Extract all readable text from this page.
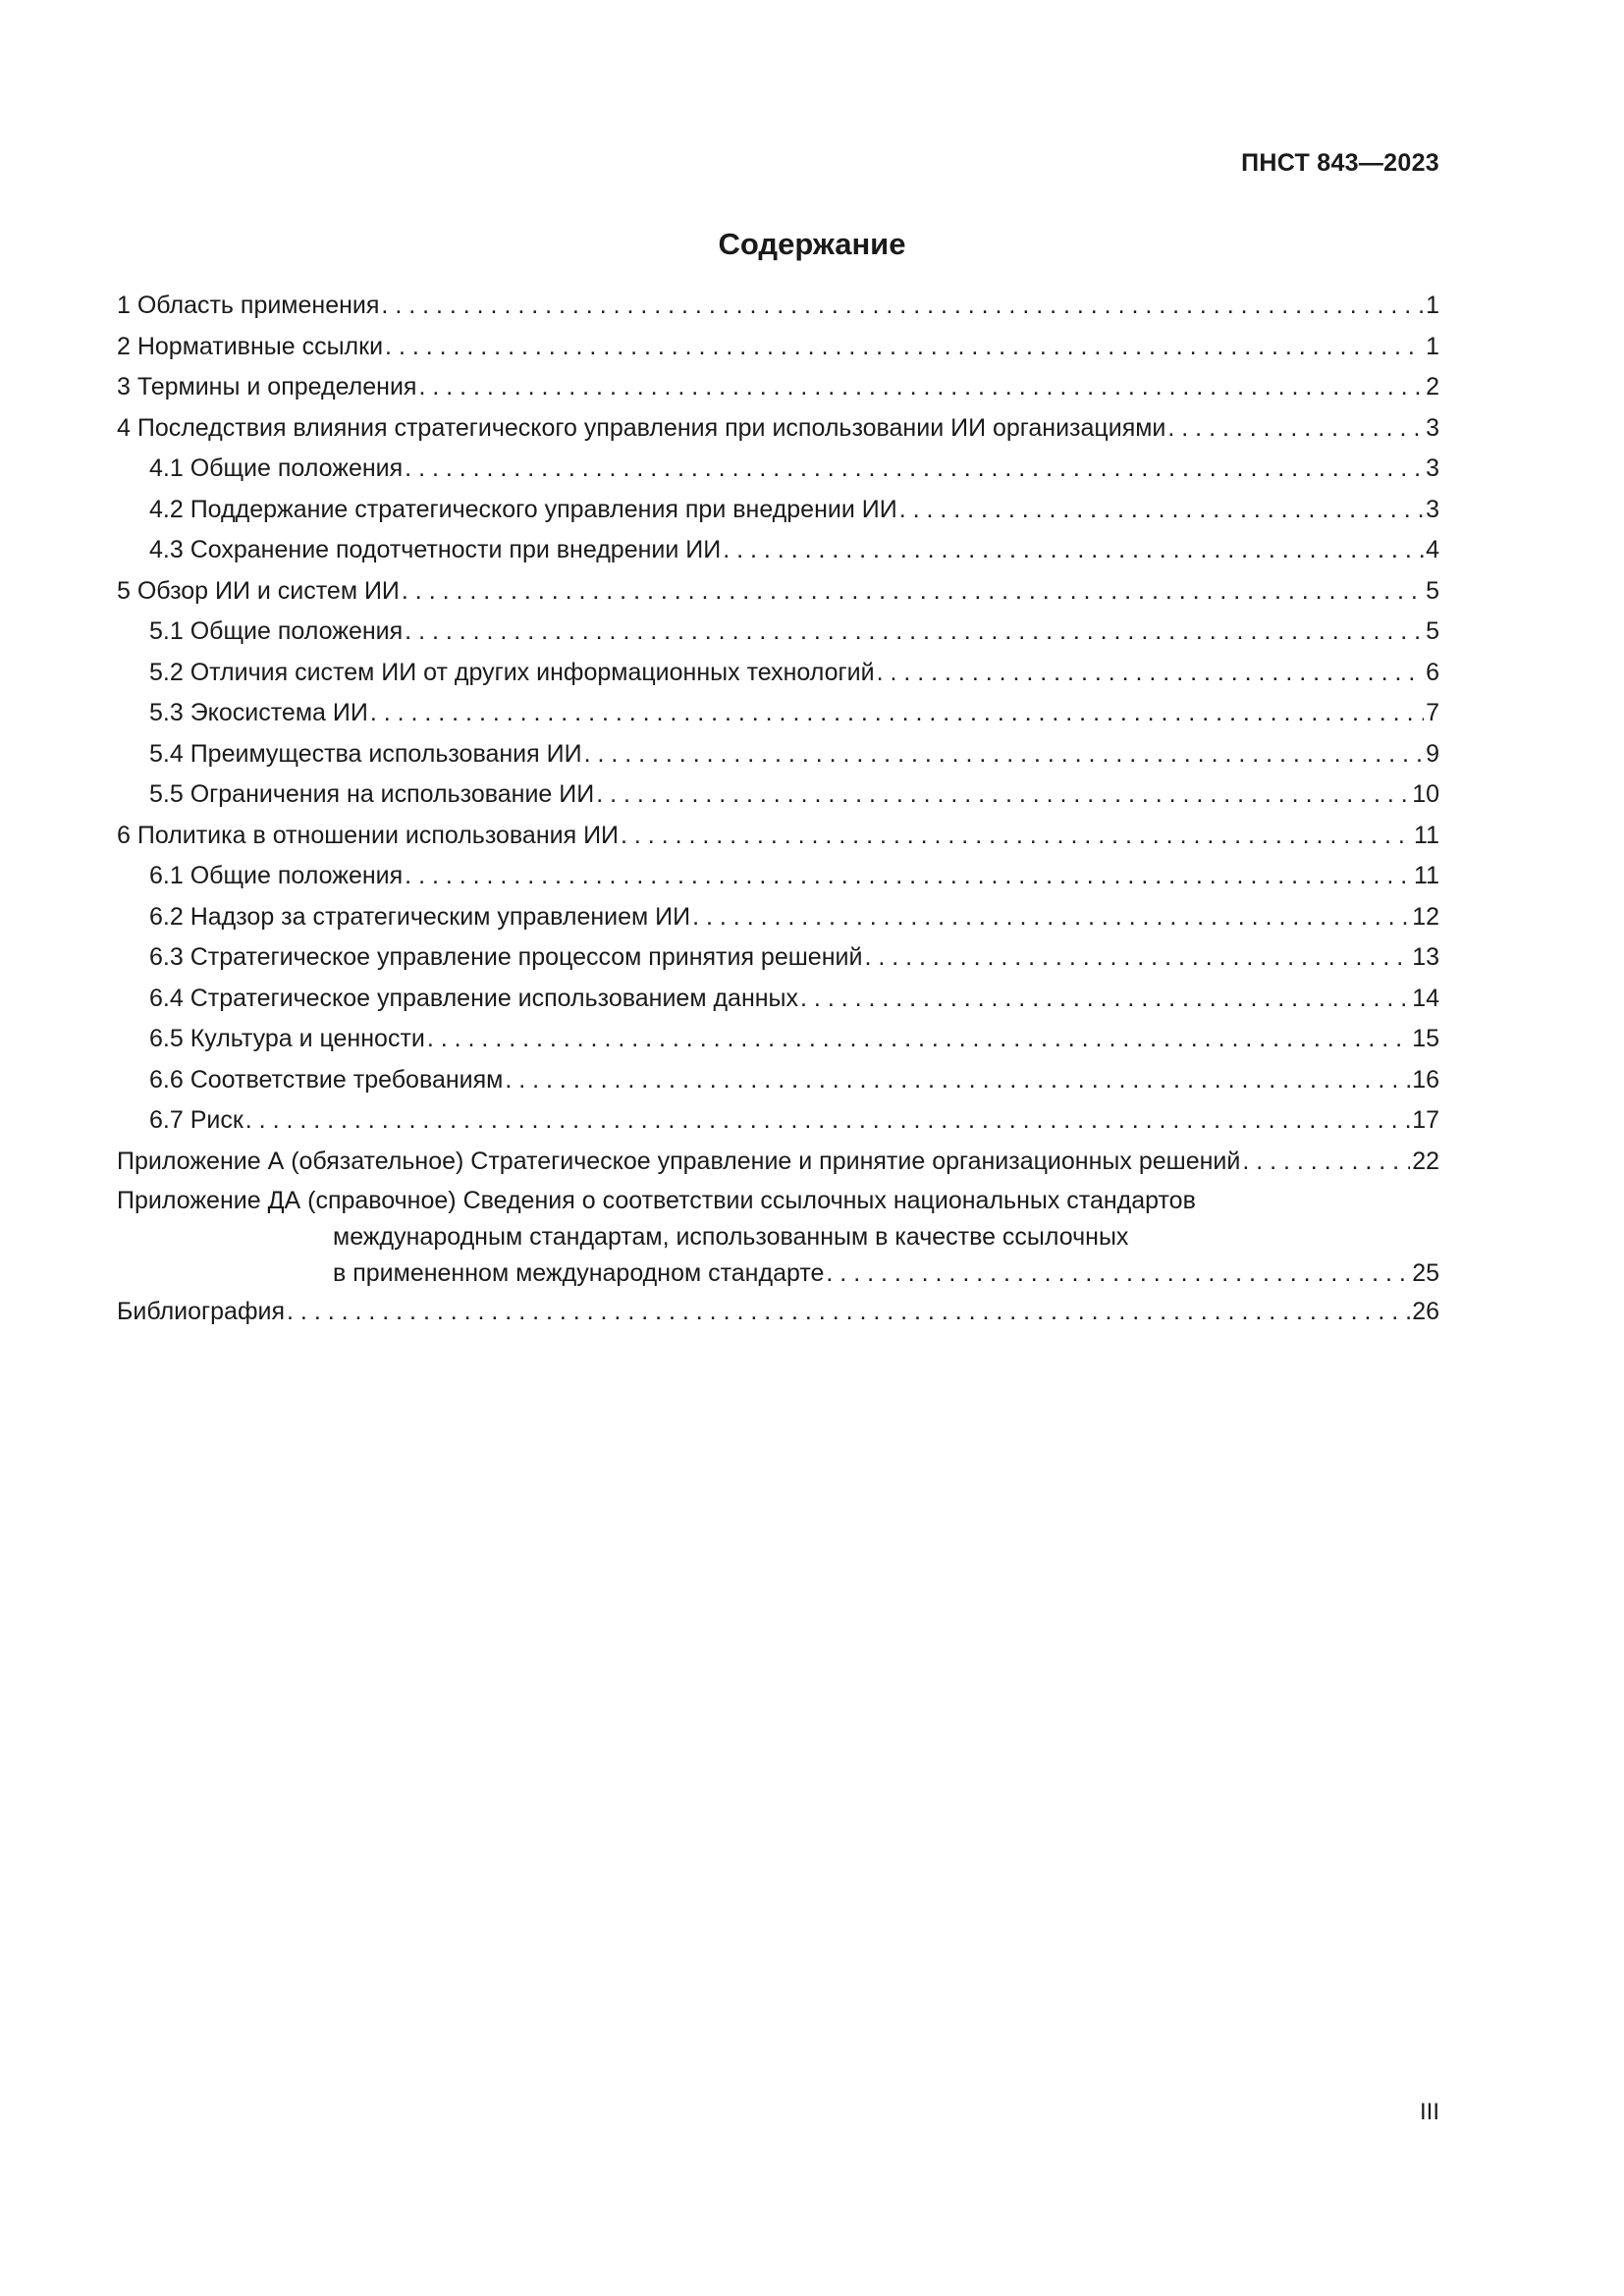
ПНСТ 843—2023
Содержание
1 Область применения . . .	1
2 Нормативные ссылки . . .	1
3 Термины и определения . . .	2
4 Последствия влияния стратегического управления при использовании ИИ организациями . . .	3
4.1 Общие положения . . .	3
4.2 Поддержание стратегического управления при внедрении ИИ . . .	3
4.3 Сохранение подотчетности при внедрении ИИ . . .	4
5 Обзор ИИ и систем ИИ . . .	5
5.1 Общие положения . . .	5
5.2 Отличия систем ИИ от других информационных технологий . . .	6
5.3 Экосистема ИИ . . .	7
5.4 Преимущества использования ИИ . . .	9
5.5 Ограничения на использование ИИ . . .	10
6 Политика в отношении использования ИИ . . .	11
6.1 Общие положения . . .	11
6.2 Надзор за стратегическим управлением ИИ . . .	12
6.3 Стратегическое управление процессом принятия решений . . .	13
6.4 Стратегическое управление использованием данных . . .	14
6.5 Культура и ценности . . .	15
6.6 Соответствие требованиям . . .	16
6.7 Риск . . .	17
Приложение А (обязательное) Стратегическое управление и принятие организационных решений . . .	22
Приложение ДА (справочное) Сведения о соответствии ссылочных национальных стандартов
международным стандартам, использованным в качестве ссылочных
в примененном международном стандарте . . .	25
Библиография . . .	26
III
